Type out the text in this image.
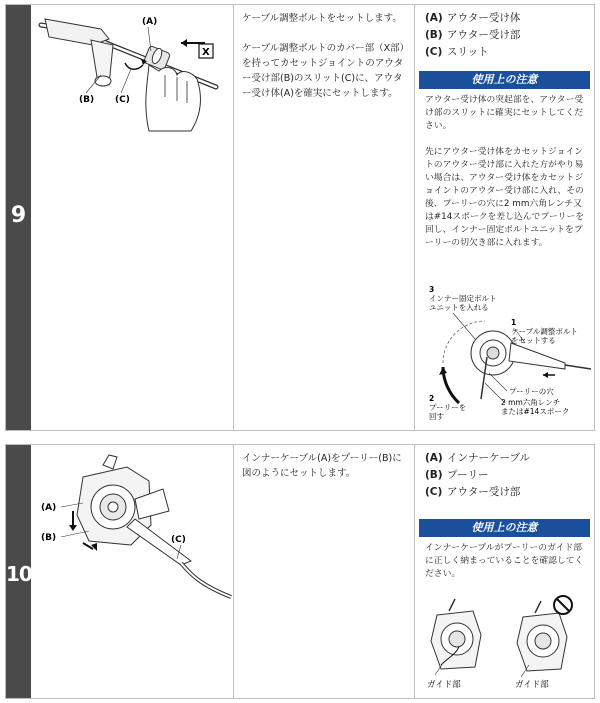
9
(A)
(B) (C)
X

ケーブル調整ボルトをセットします。

ケーブル調整ボルトのカバー部（X部）を持ってカセットジョイントのアウター受け部(B)のスリット(C)に、アウター受け体(A)を確実にセットします。

(A) アウター受け体
(B) アウター受け部
(C) スリット
使用上の注意

アウター受け体の突起部を、アウター受け部のスリットに確実にセットしてください。

先にアウター受け体をカセットジョイントのアウター受け部に入れた方がやり易い場合は、アウター受け体をカセットジョイントのアウター受け部に入れ、その後、プーリーの穴に2 mm六角レンチ又は#14スポークを差し込んでプーリーを回し、インナー固定ボルトユニットをプーリーの切欠き部に入れます。

3
インナー固定ボルト
ユニットを入れる
1
ケーブル調整ボルト
をセットする
プーリーの穴
2 mm六角レンチ
または#14スポーク
2
プーリーを
回す
10
(A)
(B)	(C)

インナーケーブル(A)をプーリー(B)に図のようにセットします。

(A) インナーケーブル
(B) プーリー
(C) アウター受け部
使用上の注意

インナーケーブルがプーリーのガイド部に正しく納まっていることを確認してください。

ガイド部	ガイド部
